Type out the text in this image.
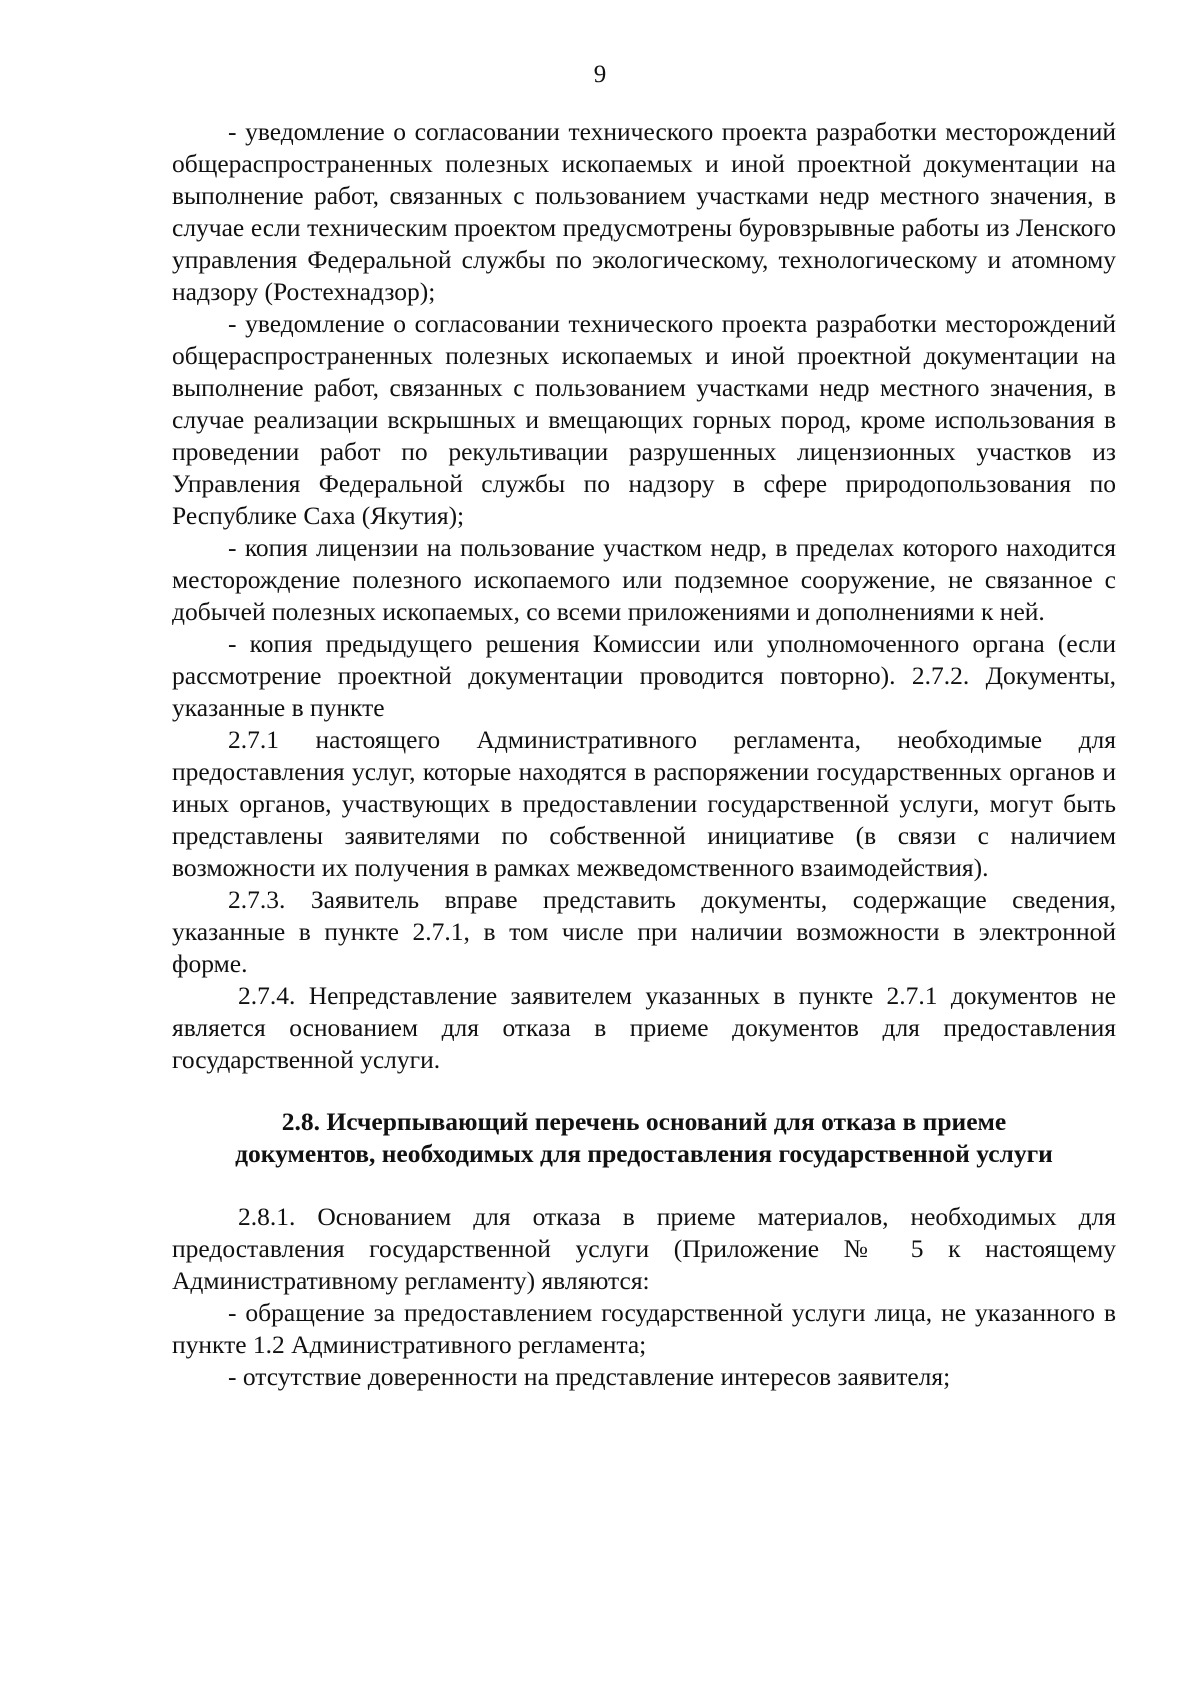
9

- уведомление о согласовании технического проекта разработки месторождений общераспространенных полезных ископаемых и иной проектной документации на выполнение работ, связанных с пользованием участками недр местного значения, в случае если техническим проектом предусмотрены буровзрывные работы из Ленского управления Федеральной службы по экологическому, технологическому и атомному надзору (Ростехнадзор);

- уведомление о согласовании технического проекта разработки месторождений общераспространенных полезных ископаемых и иной проектной документации на выполнение работ, связанных с пользованием участками недр местного значения, в случае реализации вскрышных и вмещающих горных пород, кроме использования в проведении работ по рекультивации разрушенных лицензионных участков из Управления Федеральной службы по надзору в сфере природопользования по Республике Саха (Якутия);

- копия лицензии на пользование участком недр, в пределах которого находится месторождение полезного ископаемого или подземное сооружение, не связанное с добычей полезных ископаемых, со всеми приложениями и дополнениями к ней.

- копия предыдущего решения Комиссии или уполномоченного органа (если рассмотрение проектной документации проводится повторно). 2.7.2. Документы, указанные в пункте

2.7.1 настоящего Административного регламента, необходимые для предоставления услуг, которые находятся в распоряжении государственных органов и иных органов, участвующих в предоставлении государственной услуги, могут быть представлены заявителями по собственной инициативе (в связи с наличием возможности их получения в рамках межведомственного взаимодействия).

2.7.3. Заявитель вправе представить документы, содержащие сведения, указанные в пункте 2.7.1, в том числе при наличии возможности в электронной форме.

2.7.4. Непредставление заявителем указанных в пункте 2.7.1 документов не является основанием для отказа в приеме документов для предоставления государственной услуги.

2.8. Исчерпывающий перечень оснований для отказа в приеме

документов, необходимых для предоставления государственной услуги

2.8.1. Основанием для отказа в приеме материалов, необходимых для предоставления государственной услуги (Приложение № 5 к настоящему Административному регламенту) являются:

- обращение за предоставлением государственной услуги лица, не указанного в пункте 1.2 Административного регламента;

- отсутствие доверенности на представление интересов заявителя;
